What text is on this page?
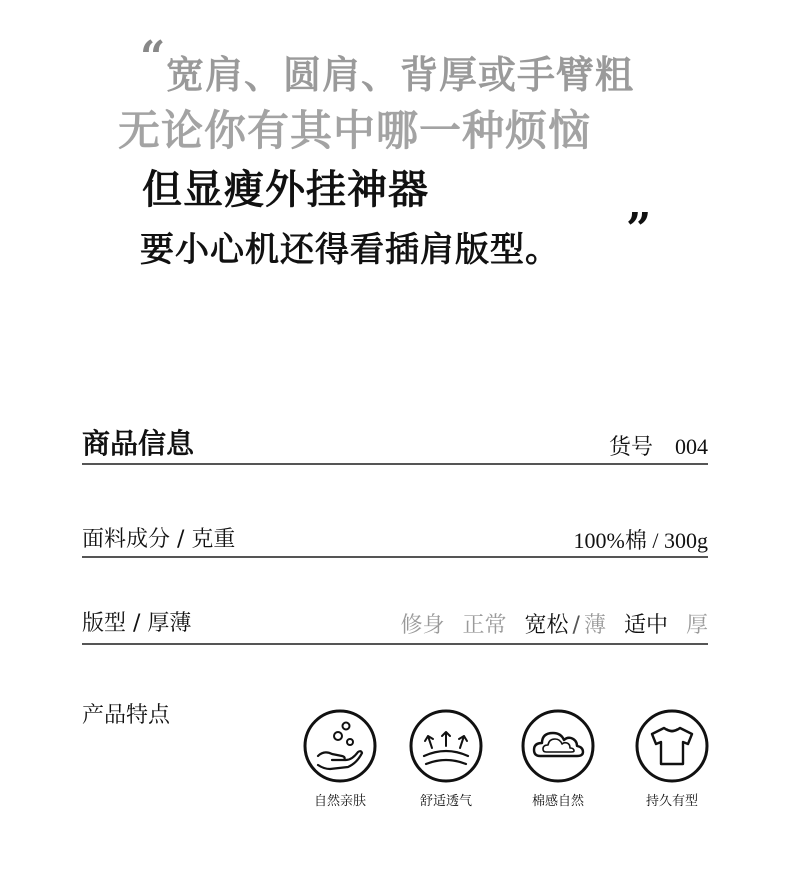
“ 宽肩、圆肩、背厚或手臂粗
无论你有其中哪一种烦恼
但显瘦外挂神器
要小心机还得看插肩版型。 ”
商品信息	货号 004
面料成分 / 克重	100%棉 / 300g
版型 / 厚薄	修身 正常 宽松 / 薄 适中 厚
产品特点
自然亲肤	舒适透气	棉感自然	持久有型
